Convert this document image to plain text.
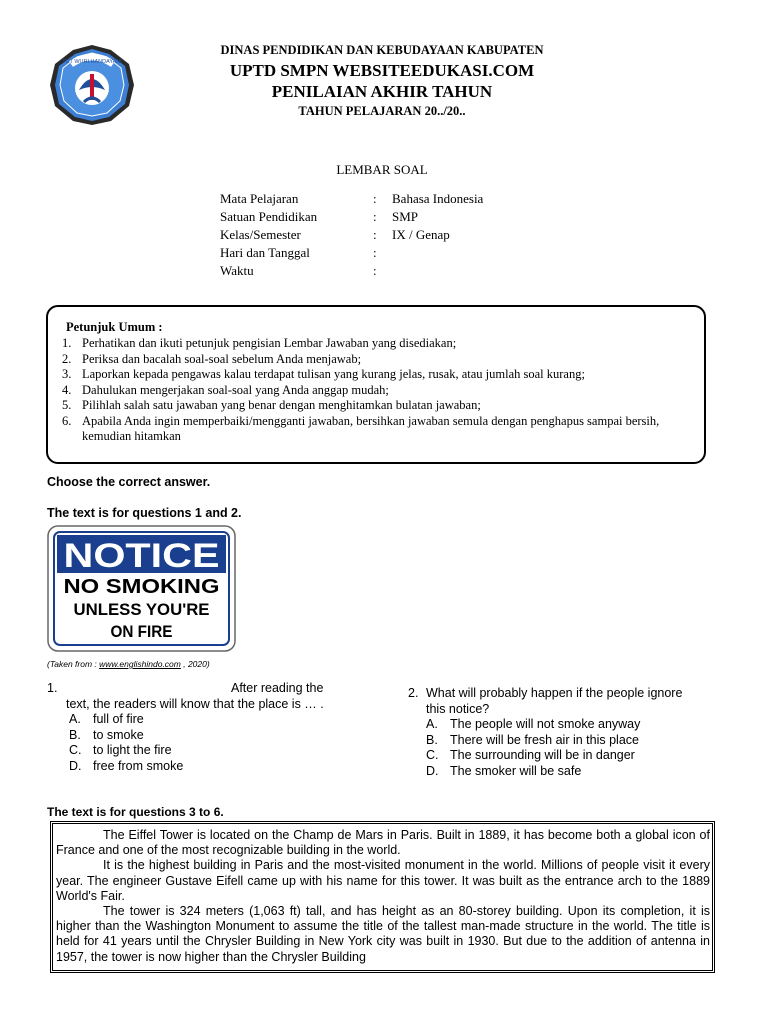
TUT WURI HANDAYANI
DINAS PENDIDIKAN DAN KEBUDAYAAN KABUPATEN
UPTD SMPN WEBSITEEDUKASI.COM
PENILAIAN AKHIR TAHUN
TAHUN PELAJARAN 20../20..
LEMBAR SOAL
Mata Pelajaran	:	Bahasa Indonesia
Satuan Pendidikan	:	SMP
Kelas/Semester	:	IX / Genap
Hari dan Tanggal	:
Waktu	:
Petunjuk Umum :
1. Perhatikan dan ikuti petunjuk pengisian Lembar Jawaban yang disediakan;
2. Periksa dan bacalah soal-soal sebelum Anda menjawab;
3. Laporkan kepada pengawas kalau terdapat tulisan yang kurang jelas, rusak, atau jumlah soal kurang;
4. Dahulukan mengerjakan soal-soal yang Anda anggap mudah;
5. Pilihlah salah satu jawaban yang benar dengan menghitamkan bulatan jawaban;
6. Apabila Anda ingin memperbaiki/mengganti jawaban, bersihkan jawaban semula dengan penghapus sampai bersih, kemudian hitamkan
Choose the correct answer.
The text is for questions 1 and 2.
NOTICE
NO SMOKING
UNLESS YOU'RE
ON FIRE
(Taken from : www.englishindo.com , 2020)
1.	After reading the
text, the readers will know that the place is … .
A. full of fire
B. to smoke
C. to light the fire
D. free from smoke
2. What will probably happen if the people ignore
this notice?
A. The people will not smoke anyway
B. There will be fresh air in this place
C. The surrounding will be in danger
D. The smoker will be safe
The text is for questions 3 to 6.

The Eiffel Tower is located on the Champ de Mars in Paris. Built in 1889, it has become both a global icon of France and one of the most recognizable building in the world.

It is the highest building in Paris and the most-visited monument in the world. Millions of people visit it every year. The engineer Gustave Eifell came up with his name for this tower. It was built as the entrance arch to the 1889 World's Fair.

The tower is 324 meters (1,063 ft) tall, and has height as an 80-storey building. Upon its completion, it is higher than the Washington Monument to assume the title of the tallest man-made structure in the world. The title is held for 41 years until the Chrysler Building in New York city was built in 1930. But due to the addition of antenna in 1957, the tower is now higher than the Chrysler Building
